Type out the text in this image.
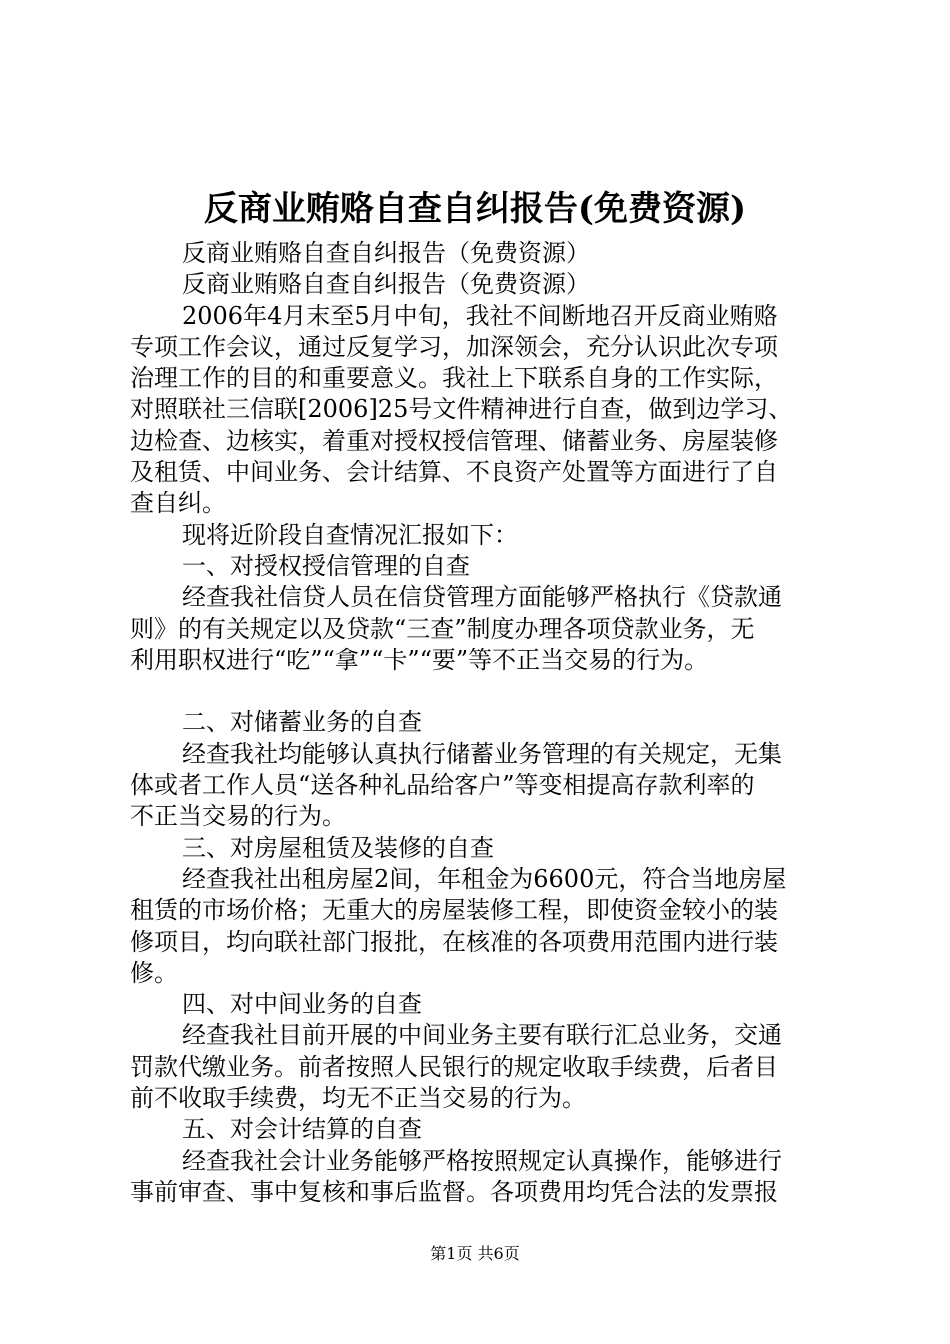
反商业贿赂自查自纠报告(免费资源)
反商业贿赂自查自纠报告（免费资源）
反商业贿赂自查自纠报告（免费资源）
2006年4月末至5月中旬，我社不间断地召开反商业贿赂
专项工作会议，通过反复学习，加深领会，充分认识此次专项
治理工作的目的和重要意义。我社上下联系自身的工作实际，
对照联社三信联[2006]25号文件精神进行自查，做到边学习、
边检查、边核实，着重对授权授信管理、储蓄业务、房屋装修
及租赁、中间业务、会计结算、不良资产处置等方面进行了自
查自纠。
现将近阶段自查情况汇报如下：
一、对授权授信管理的自查
经查我社信贷人员在信贷管理方面能够严格执行《贷款通
则》的有关规定以及贷款“三查”制度办理各项贷款业务，无
利用职权进行“吃”“拿”“卡”“要”等不正当交易的行为。
二、对储蓄业务的自查
经查我社均能够认真执行储蓄业务管理的有关规定，无集
体或者工作人员“送各种礼品给客户”等变相提高存款利率的
不正当交易的行为。
三、对房屋租赁及装修的自查
经查我社出租房屋2间，年租金为6600元，符合当地房屋
租赁的市场价格；无重大的房屋装修工程，即使资金较小的装
修项目，均向联社部门报批，在核准的各项费用范围内进行装
修。
四、对中间业务的自查
经查我社目前开展的中间业务主要有联行汇总业务，交通
罚款代缴业务。前者按照人民银行的规定收取手续费，后者目
前不收取手续费，均无不正当交易的行为。
五、对会计结算的自查
经查我社会计业务能够严格按照规定认真操作，能够进行
事前审查、事中复核和事后监督。各项费用均凭合法的发票报
第1页 共6页
